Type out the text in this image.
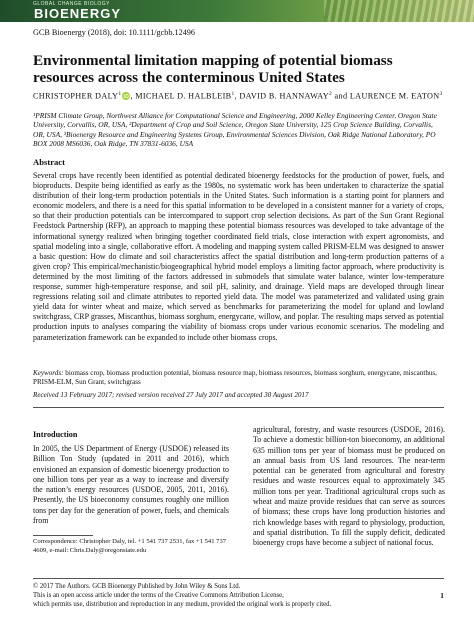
GLOBAL CHANGE BIOLOGY
BIOENERGY
GCB Bioenergy (2018), doi: 10.1111/gcbb.12496
Environmental limitation mapping of potential biomass resources across the conterminous United States
CHRISTOPHER DALY$^1$iD , MICHAEL D. HALBLEIB$^1$, DAVID B. HANNAWAY$^2$ and LAURENCE M. EATON$^3$
¹PRISM Climate Group, Northwest Alliance for Computational Science and Engineering, 2000 Kelley Engineering Center, Oregon State University, Corvallis, OR, USA, ²Department of Crop and Soil Science, Oregon State University, 125 Crop Science Building, Corvallis, OR, USA, ³Bioenergy Resource and Engineering Systems Group, Environmental Sciences Division, Oak Ridge National Laboratory, PO BOX 2008 MS6036, Oak Ridge, TN 37831-6036, USA
Abstract
Several crops have recently been identified as potential dedicated bioenergy feedstocks for the production of power, fuels, and bioproducts. Despite being identified as early as the 1980s, no systematic work has been undertaken to characterize the spatial distribution of their long-term production potentials in the United States. Such information is a starting point for planners and economic modelers, and there is a need for this spatial information to be developed in a consistent manner for a variety of crops, so that their production potentials can be intercompared to support crop selection decisions. As part of the Sun Grant Regional Feedstock Partnership (RFP), an approach to mapping these potential biomass resources was developed to take advantage of the informational synergy realized when bringing together coordinated field trials, close interaction with expert agronomists, and spatial modeling into a single, collaborative effort. A modeling and mapping system called PRISM-ELM was designed to answer a basic question: How do climate and soil characteristics affect the spatial distribution and long-term production patterns of a given crop? This empirical/mechanistic/biogeographical hybrid model employs a limiting factor approach, where productivity is determined by the most limiting of the factors addressed in submodels that simulate water balance, winter low-temperature response, summer high-temperature response, and soil pH, salinity, and drainage. Yield maps are developed through linear regressions relating soil and climate attributes to reported yield data. The model was parameterized and validated using grain yield data for winter wheat and maize, which served as benchmarks for parameterizing the model for upland and lowland switchgrass, CRP grasses, Miscanthus, biomass sorghum, energycane, willow, and poplar. The resulting maps served as potential production inputs to analyses comparing the viability of biomass crops under various economic scenarios. The modeling and parameterization framework can be expanded to include other biomass crops.
Keywords: biomass crop, biomass production potential, biomass resource map, biomass resources, biomass sorghum, energycane, miscanthus, PRISM-ELM, Sun Grant, switchgrass
Received 13 February 2017; revised version received 27 July 2017 and accepted 30 August 2017
Introduction
In 2005, the US Department of Energy (USDOE) released its Billion Ton Study (updated in 2011 and 2016), which envisioned an expansion of domestic bioenergy production to one billion tons per year as a way to increase and diversify the nation’s energy resources (USDOE, 2005, 2011, 2016). Presently, the US bioeconomy consumes roughly one million tons per day for the generation of power, fuels, and chemicals from
agricultural, forestry, and waste resources (USDOE, 2016). To achieve a domestic billion-ton bioeconomy, an additional 635 million tons per year of biomass must be produced on an annual basis from US land resources. The near-term potential can be generated from agricultural and forestry residues and waste resources equal to approximately 345 million tons per year. Traditional agricultural crops such as wheat and maize provide residues that can serve as sources of biomass; these crops have long production histories and rich knowledge bases with regard to physiology, production, and spatial distribution. To fill the supply deficit, dedicated bioenergy crops have become a subject of national focus.
Correspondence: Christopher Daly, tel. +1 541 737 2531, fax +1 541 737 4609, e-mail: Chris.Daly@oregonstate.edu
© 2017 The Authors. GCB Bioenergy Published by John Wiley & Sons Ltd.
This is an open access article under the terms of the Creative Commons Attribution License,
which permits use, distribution and reproduction in any medium, provided the original work is properly cited.
1
